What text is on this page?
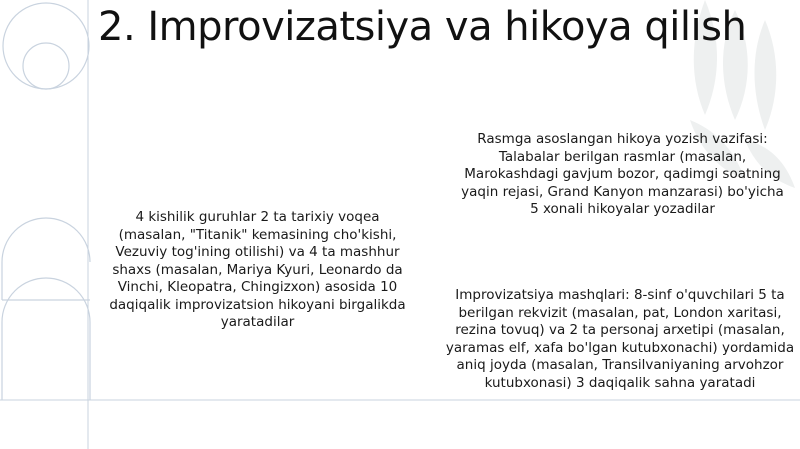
2. Improvizatsiya va hikoya qilish

4 kishilik guruhlar 2 ta tarixiy voqea (masalan, "Titanik" kemasining cho'kishi, Vezuviy tog'ining otilishi) va 4 ta mashhur shaxs (masalan, Mariya Kyuri, Leonardo da Vinchi, Kleopatra, Chingizxon) asosida 10 daqiqalik improvizatsion hikoyani birgalikda yaratadilar

Rasmga asoslangan hikoya yozish vazifasi: Talabalar berilgan rasmlar (masalan, Marokashdagi gavjum bozor, qadimgi soatning yaqin rejasi, Grand Kanyon manzarasi) bo'yicha 5 xonali hikoyalar yozadilar

Improvizatsiya mashqlari: 8-sinf o'quvchilari 5 ta berilgan rekvizit (masalan, pat, London xaritasi, rezina tovuq) va 2 ta personaj arxetipi (masalan, yaramas elf, xafa bo'lgan kutubxonachi) yordamida aniq joyda (masalan, Transilvaniyaning arvohzor kutubxonasi) 3 daqiqalik sahna yaratadi
